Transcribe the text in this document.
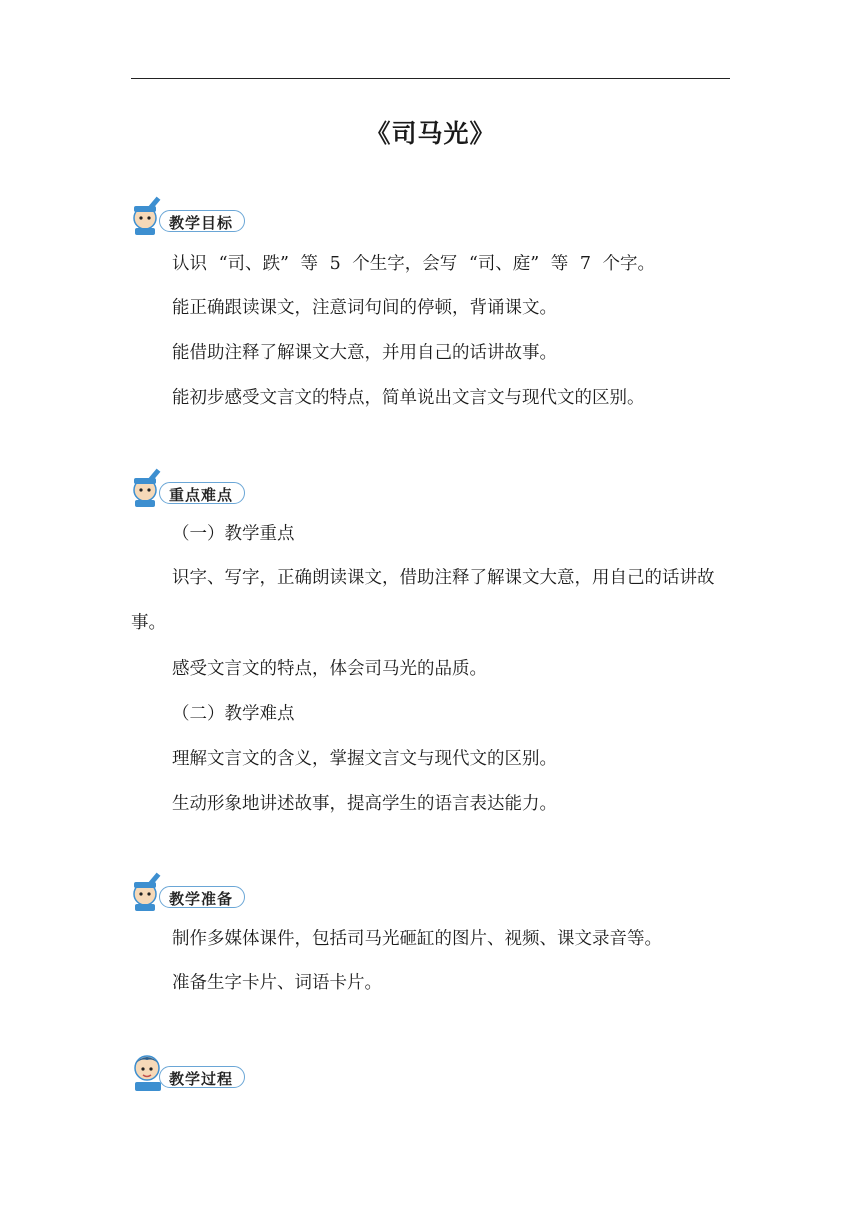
《司马光》
教学目标
认识 “司、跌” 等 5 个生字，会写 “司、庭” 等 7 个字。
能正确跟读课文，注意词句间的停顿，背诵课文。
能借助注释了解课文大意，并用自己的话讲故事。
能初步感受文言文的特点，简单说出文言文与现代文的区别。
重点难点
（一）教学重点
识字、写字，正确朗读课文，借助注释了解课文大意，用自己的话讲故事。
感受文言文的特点，体会司马光的品质。
（二）教学难点
理解文言文的含义，掌握文言文与现代文的区别。
生动形象地讲述故事，提高学生的语言表达能力。
教学准备
制作多媒体课件，包括司马光砸缸的图片、视频、课文录音等。
准备生字卡片、词语卡片。
教学过程
